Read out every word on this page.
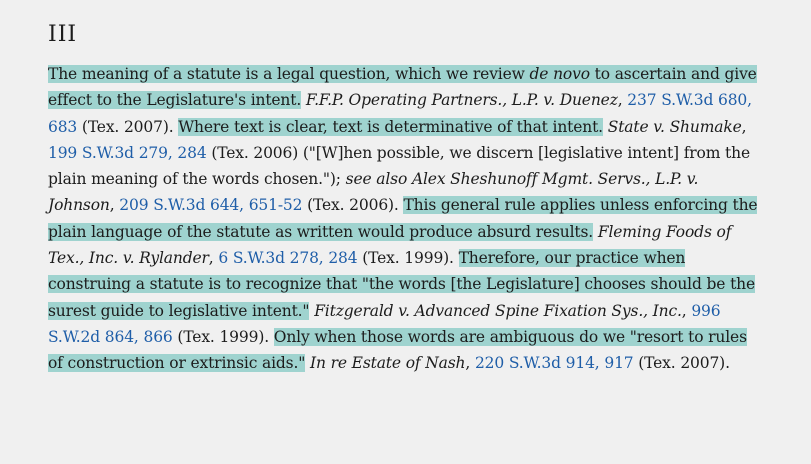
III

The meaning of a statute is a legal question, which we review de novo to ascertain and give effect to the Legislature's intent. F.F.P. Operating Partners., L.P. v. Duenez, 237 S.W.3d 680, 683 (Tex. 2007). Where text is clear, text is determinative of that intent. State v. Shumake, 199 S.W.3d 279, 284 (Tex. 2006) ("[W]hen possible, we discern [legislative intent] from the plain meaning of the words chosen."); see also Alex Sheshunoff Mgmt. Servs., L.P. v. Johnson, 209 S.W.3d 644, 651-52 (Tex. 2006). This general rule applies unless enforcing the plain language of the statute as written would produce absurd results. Fleming Foods of Tex., Inc. v. Rylander, 6 S.W.3d 278, 284 (Tex. 1999). Therefore, our practice when construing a statute is to recognize that "the words [the Legislature] chooses should be the surest guide to legislative intent." Fitzgerald v. Advanced Spine Fixation Sys., Inc., 996 S.W.2d 864, 866 (Tex. 1999). Only when those words are ambiguous do we "resort to rules of construction or extrinsic aids." In re Estate of Nash, 220 S.W.3d 914, 917 (Tex. 2007).
